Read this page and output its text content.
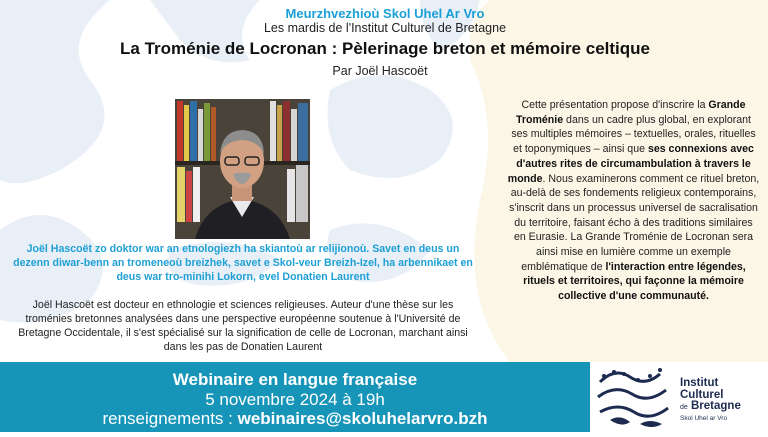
Meurzhvezhioù Skol Uhel Ar Vro
Les mardis de l'Institut Culturel de Bretagne
La Troménie de Locronan : Pèlerinage breton et mémoire celtique
Par Joël Hascoët
Joël Hascoët zo doktor war an etnologiezh ha skiantoù ar relijionoù. Savet en deus un dezenn diwar-benn an tromeneoù breizhek, savet e Skol-veur Breizh-Izel, ha arbennikaet en deus war tro-minihi Lokorn, evel Donatien Laurent
Joël Hascoët est docteur en ethnologie et sciences religieuses. Auteur d'une thèse sur les troménies bretonnes analysées dans une perspective européenne soutenue à l'Université de Bretagne Occidentale, il s'est spécialisé sur la signification de celle de Locronan, marchant ainsi dans les pas de Donatien Laurent
Cette présentation propose d'inscrire la Grande Troménie dans un cadre plus global, en explorant ses multiples mémoires – textuelles, orales, rituelles et toponymiques – ainsi que ses connexions avec d'autres rites de circumambulation à travers le monde. Nous examinerons comment ce rituel breton, au-delà de ses fondements religieux contemporains, s'inscrit dans un processus universel de sacralisation du territoire, faisant écho à des traditions similaires en Eurasie. La Grande Troménie de Locronan sera ainsi mise en lumière comme un exemple emblématique de l'interaction entre légendes, rituels et territoires, qui façonne la mémoire collective d'une communauté.
Webinaire en langue française
5 novembre 2024 à 19h
renseignements : webinaires@skoluhelarvro.bzh
Institut
Culturel
de Bretagne
Skol Uhel ar Vro
